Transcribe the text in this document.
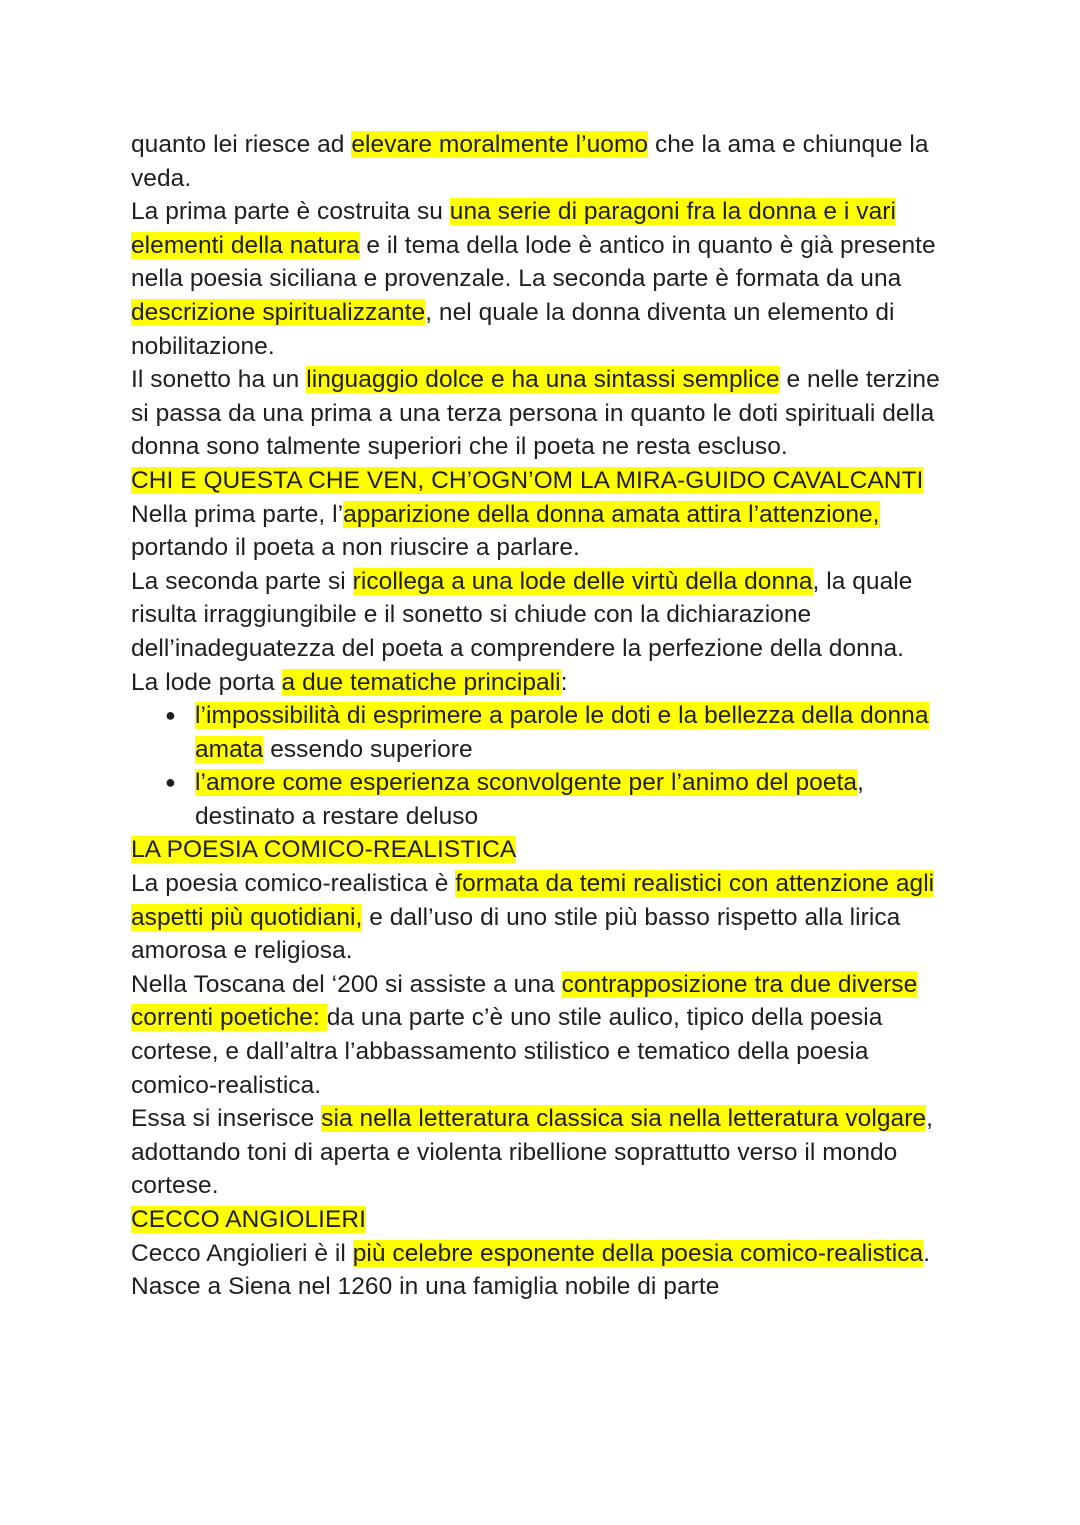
quanto lei riesce ad elevare moralmente l’uomo che la ama e chiunque la veda.

La prima parte è costruita su una serie di paragoni fra la donna e i vari elementi della natura e il tema della lode è antico in quanto è già presente nella poesia siciliana e provenzale. La seconda parte è formata da una descrizione spiritualizzante, nel quale la donna diventa un elemento di nobilitazione.

Il sonetto ha un linguaggio dolce e ha una sintassi semplice e nelle terzine si passa da una prima a una terza persona in quanto le doti spirituali della donna sono talmente superiori che il poeta ne resta escluso.

CHI E QUESTA CHE VEN, CH’OGN’OM LA MIRA-GUIDO CAVALCANTI

Nella prima parte, l’apparizione della donna amata attira l’attenzione, portando il poeta a non riuscire a parlare.

La seconda parte si ricollega a una lode delle virtù della donna, la quale risulta irraggiungibile e il sonetto si chiude con la dichiarazione dell’inadeguatezza del poeta a comprendere la perfezione della donna.

La lode porta a due tematiche principali:

● l’impossibilità di esprimere a parole le doti e la bellezza della donna amata essendo superiore
● l’amore come esperienza sconvolgente per l’animo del poeta, destinato a restare deluso

LA POESIA COMICO-REALISTICA

La poesia comico-realistica è formata da temi realistici con attenzione agli aspetti più quotidiani, e dall’uso di uno stile più basso rispetto alla lirica amorosa e religiosa.

Nella Toscana del ‘200 si assiste a una contrapposizione tra due diverse correnti poetiche: da una parte c’è uno stile aulico, tipico della poesia cortese, e dall’altra l’abbassamento stilistico e tematico della poesia comico-realistica.

Essa si inserisce sia nella letteratura classica sia nella letteratura volgare, adottando toni di aperta e violenta ribellione soprattutto verso il mondo cortese.

CECCO ANGIOLIERI

Cecco Angiolieri è il più celebre esponente della poesia comico-realistica. Nasce a Siena nel 1260 in una famiglia nobile di parte
